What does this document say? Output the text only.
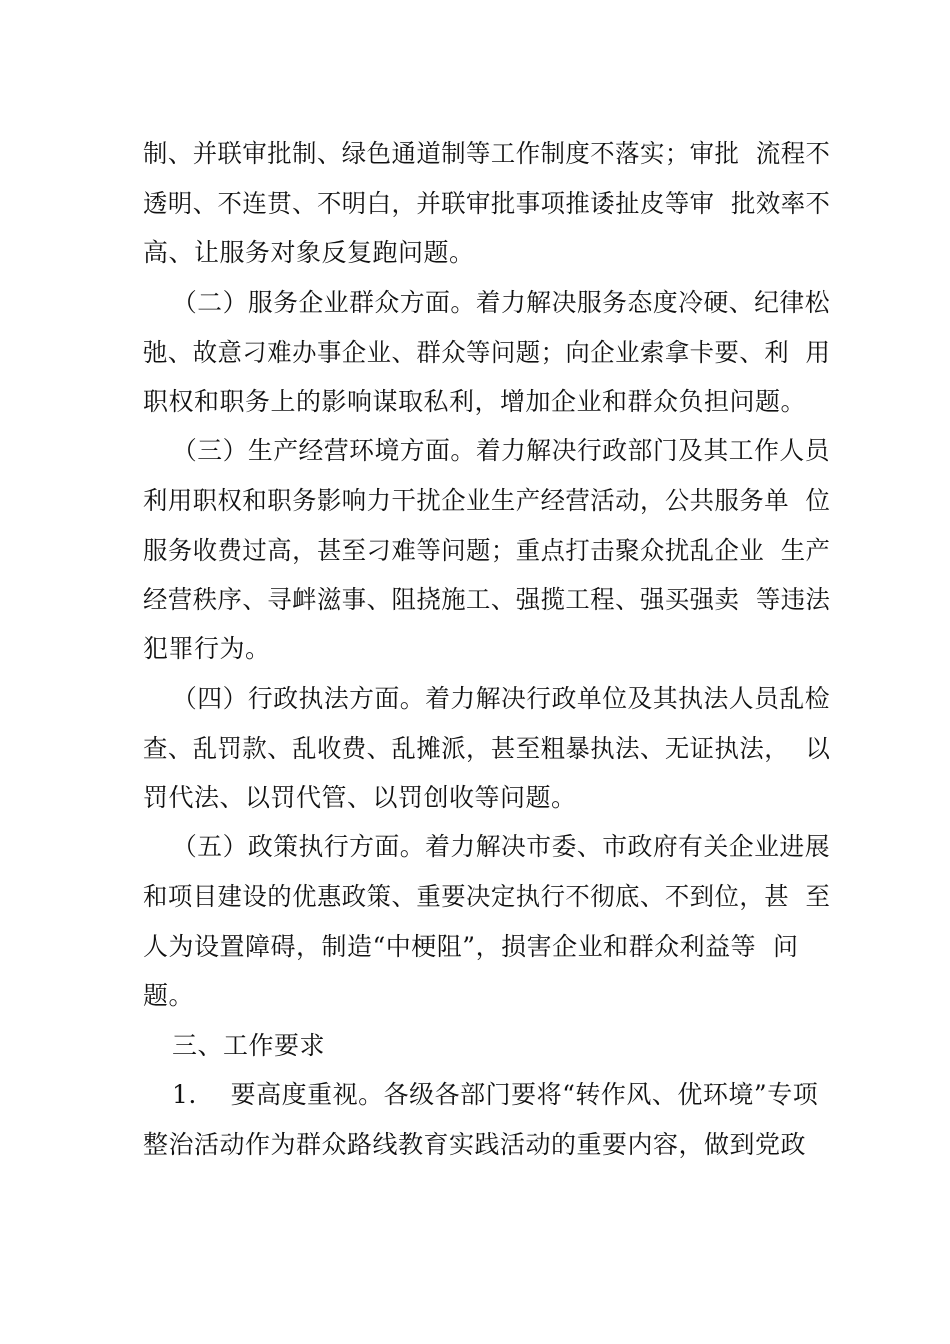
制、并联审批制、绿色通道制等工作制度不落实；审批  流程不
透明、不连贯、不明白，并联审批事项推诿扯皮等审  批效率不
高、让服务对象反复跑问题。
（二）服务企业群众方面。着力解决服务态度冷硬、纪律松
弛、故意刁难办事企业、群众等问题；向企业索拿卡要、利  用
职权和职务上的影响谋取私利，增加企业和群众负担问题。
（三）生产经营环境方面。着力解决行政部门及其工作人员
利用职权和职务影响力干扰企业生产经营活动，公共服务单  位
服务收费过高，甚至刁难等问题；重点打击聚众扰乱企业  生产
经营秩序、寻衅滋事、阻挠施工、强揽工程、强买强卖  等违法
犯罪行为。
（四）行政执法方面。着力解决行政单位及其执法人员乱检
查、乱罚款、乱收费、乱摊派，甚至粗暴执法、无证执法，  以
罚代法、以罚代管、以罚创收等问题。
（五）政策执行方面。着力解决市委、市政府有关企业进展
和项目建设的优惠政策、重要决定执行不彻底、不到位，甚  至
人为设置障碍，制造“中梗阻”，损害企业和群众利益等  问
题。
三、工作要求
1.    要高度重视。各级各部门要将“转作风、优环境”专项
整治活动作为群众路线教育实践活动的重要内容，做到党政
